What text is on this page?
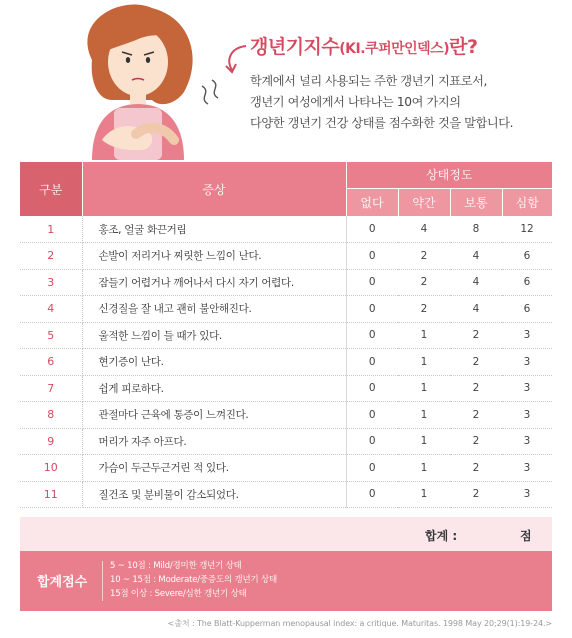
갱년기지수(KI.쿠퍼만인덱스)란?
학계에서 널리 사용되는 주한 갱년기 지표로서,
갱년기 여성에게서 나타나는 10여 가지의
다양한 갱년기 건강 상태를 점수화한 것을 말합니다.
구분	증상	상태정도			
		없다	약간	보통	심함
1	홍조, 얼굴 화끈거림	0	4	8	12
2	손발이 저리거나 찌릿한 느낌이 난다.	0	2	4	6
3	잠들기 어렵거나 깨어나서 다시 자기 어렵다.	0	2	4	6
4	신경질을 잘 내고 괜히 불안해진다.	0	2	4	6
5	울적한 느낌이 들 때가 있다.	0	1	2	3
6	현기증이 난다.	0	1	2	3
7	쉽게 피로하다.	0	1	2	3
8	관절마다 근육에 통증이 느껴진다.	0	1	2	3
9	머리가 자주 아프다.	0	1	2	3
10	가슴이 두근두근거린 적 있다.	0	1	2	3
11	질건조 및 분비물이 감소되었다.	0	1	2	3
합계 :	점
합계점수
5 ~ 10점 : Mild/경미한 갱년기 상태
10 ~ 15점 : Moderate/중증도의 갱년기 상태
15점 이상 : Severe/심한 갱년기 상태
<출처 : The Blatt-Kupperman menopausal index: a critique. Maturitas. 1998 May 20;29(1):19-24.>
